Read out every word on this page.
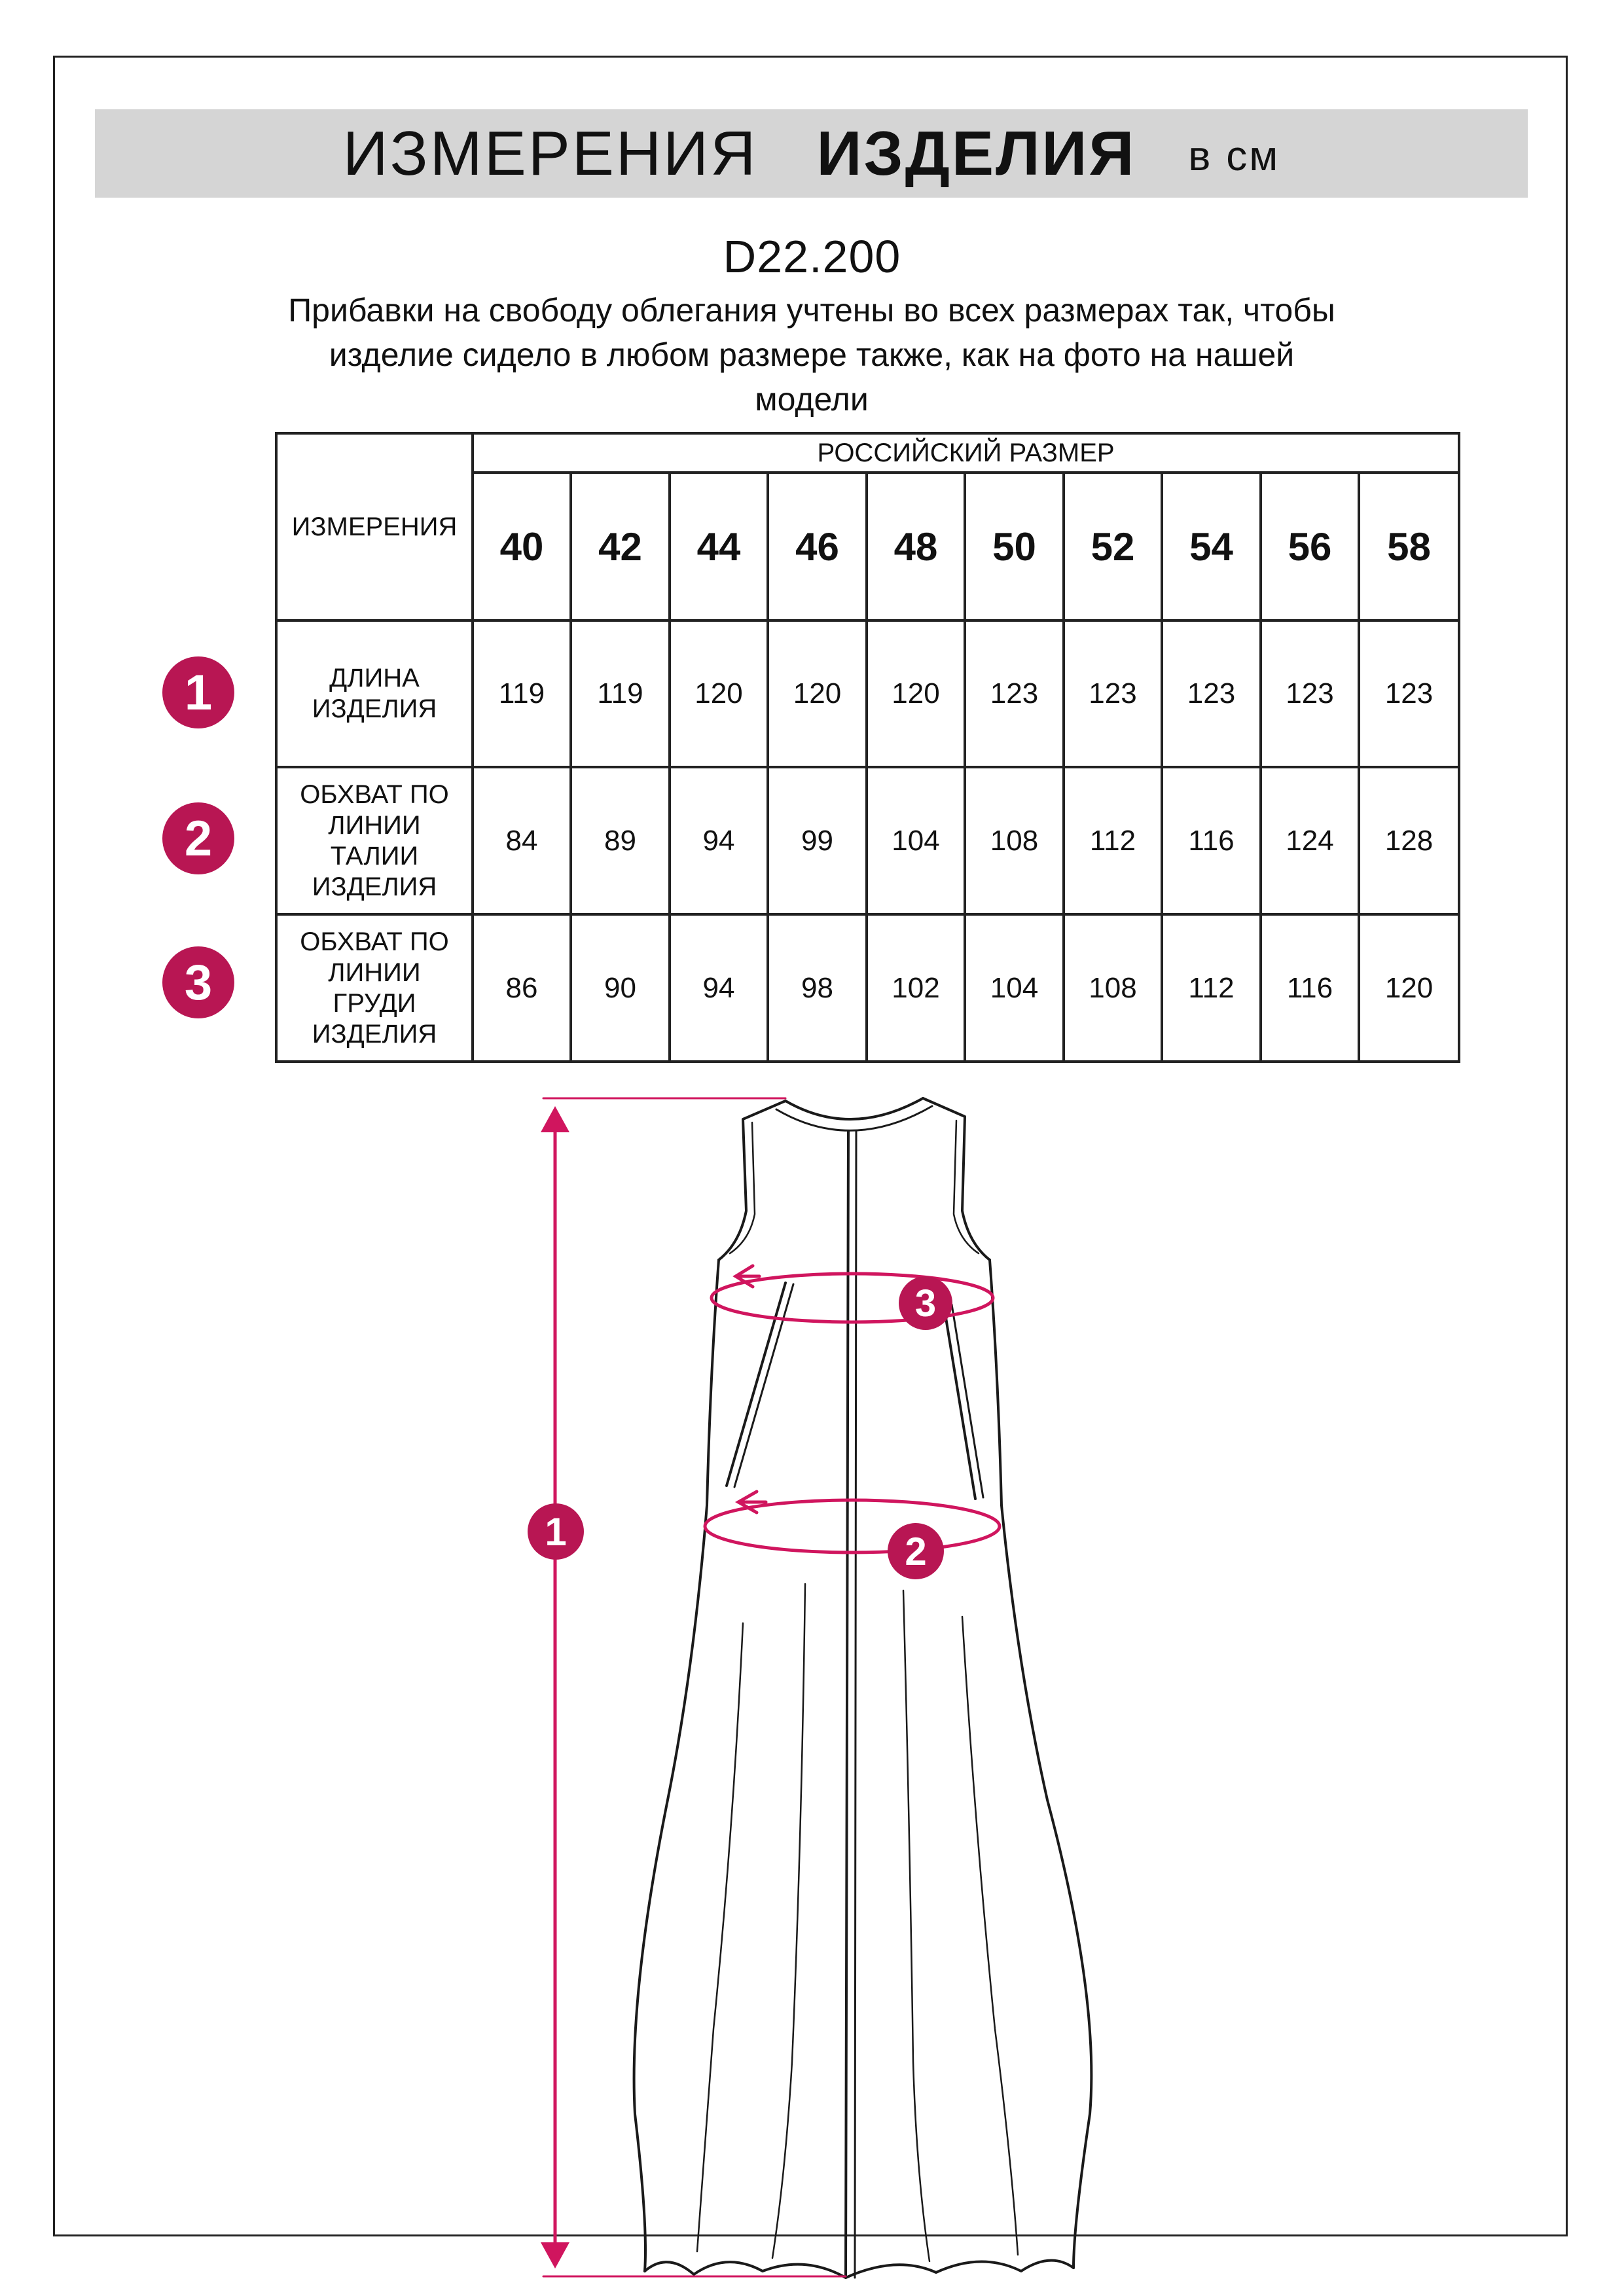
ИЗМЕРЕНИЯ ИЗДЕЛИЯ в см
D22.200
Прибавки на свободу облегания учтены во всех размерах так, чтобы
изделие сидело в любом размере также, как на фото на нашей
модели
ИЗМЕРЕНИЯ	РОССИЙСКИЙ РАЗМЕР									
	40	42	44	46	48	50	52	54	56	58

ДЛИНА
ИЗДЕЛИЯ	119	119	120	120	120	123	123	123	123	123

ОБХВАТ ПО
ЛИНИИ
ТАЛИИ
ИЗДЕЛИЯ	84	89	94	99	104	108	112	116	124	128

ОБХВАТ ПО
ЛИНИИ
ГРУДИ
ИЗДЕЛИЯ	86	90	94	98	102	104	108	112	116	120
1
2
3
1	2
3
